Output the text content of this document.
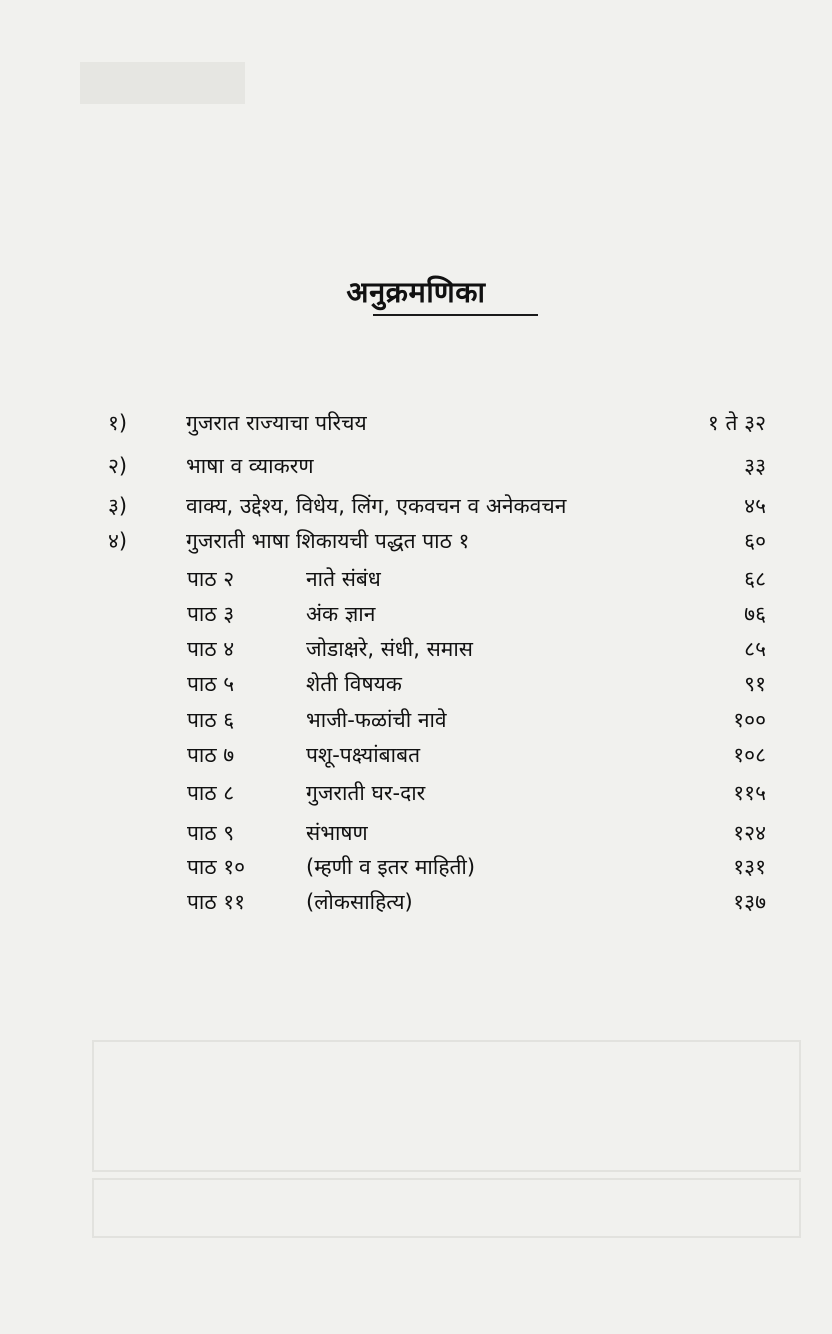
अनुक्रमणिका
१)	गुजरात राज्याचा परिचय	१ ते ३२
२)	भाषा व व्याकरण	३३
३)	वाक्य, उद्देश्य, विधेय, लिंग, एकवचन व अनेकवचन	४५
४)	गुजराती भाषा शिकायची पद्धत पाठ १	६०
पाठ २	नाते संबंध	६८
पाठ ३	अंक ज्ञान	७६
पाठ ४	जोडाक्षरे, संधी, समास	८५
पाठ ५	शेती विषयक	९१
पाठ ६	भाजी-फळांची नावे	१००
पाठ ७	पशू-पक्ष्यांबाबत	१०८
पाठ ८	गुजराती घर-दार	११५
पाठ ९	संभाषण	१२४
पाठ १०	(म्हणी व इतर माहिती)	१३१
पाठ ११	(लोकसाहित्य)	१३७
